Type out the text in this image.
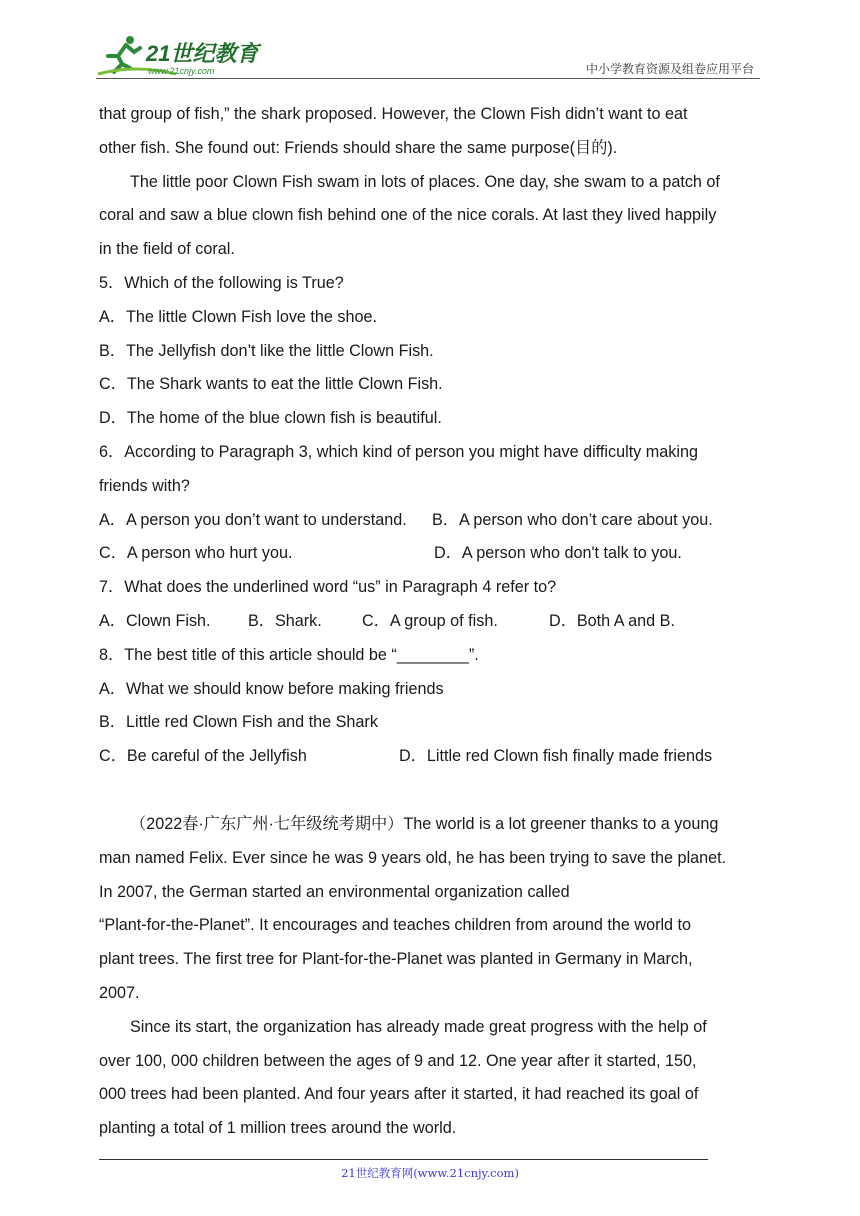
21世纪教育
www.21cnjy.com	中小学教育资源及组卷应用平台

that group of fish,” the shark proposed. However, the Clown Fish didn’t want to eat

other fish. She found out: Friends should share the same purpose(目的).

The little poor Clown Fish swam in lots of places. One day, she swam to a patch of

coral and saw a blue clown fish behind one of the nice corals. At last they lived happily

in the field of coral.

5．Which of the following is True?

A．The little Clown Fish love the shoe.

B．The Jellyfish don’t like the little Clown Fish.

C．The Shark wants to eat the little Clown Fish.

D．The home of the blue clown fish is beautiful.

6．According to Paragraph 3, which kind of person you might have difficulty making

friends with?

A．A person you don’t want to understand.	B．A person who don’t care about you.
C．A person who hurt you.	D．A person who don't talk to you.

7．What does the underlined word “us” in Paragraph 4 refer to?

A．Clown Fish.	B．Shark.	C．A group of fish.	D．Both A and B.

8．The best title of this article should be “________”.

A．What we should know before making friends

B．Little red Clown Fish and the Shark

C．Be careful of the Jellyfish	D．Little red Clown fish finally made friends

（2022春·广东广州·七年级统考期中）The world is a lot greener thanks to a young

man named Felix. Ever since he was 9 years old, he has been trying to save the planet.

In 2007, the German started an environmental organization called

“Plant-for-the-Planet”. It encourages and teaches children from around the world to

plant trees. The first tree for Plant-for-the-Planet was planted in Germany in March,

2007.

Since its start, the organization has already made great progress with the help of

over 100, 000 children between the ages of 9 and 12. One year after it started, 150,

000 trees had been planted. And four years after it started, it had reached its goal of

planting a total of 1 million trees around the world.

21世纪教育网(www.21cnjy.com)
